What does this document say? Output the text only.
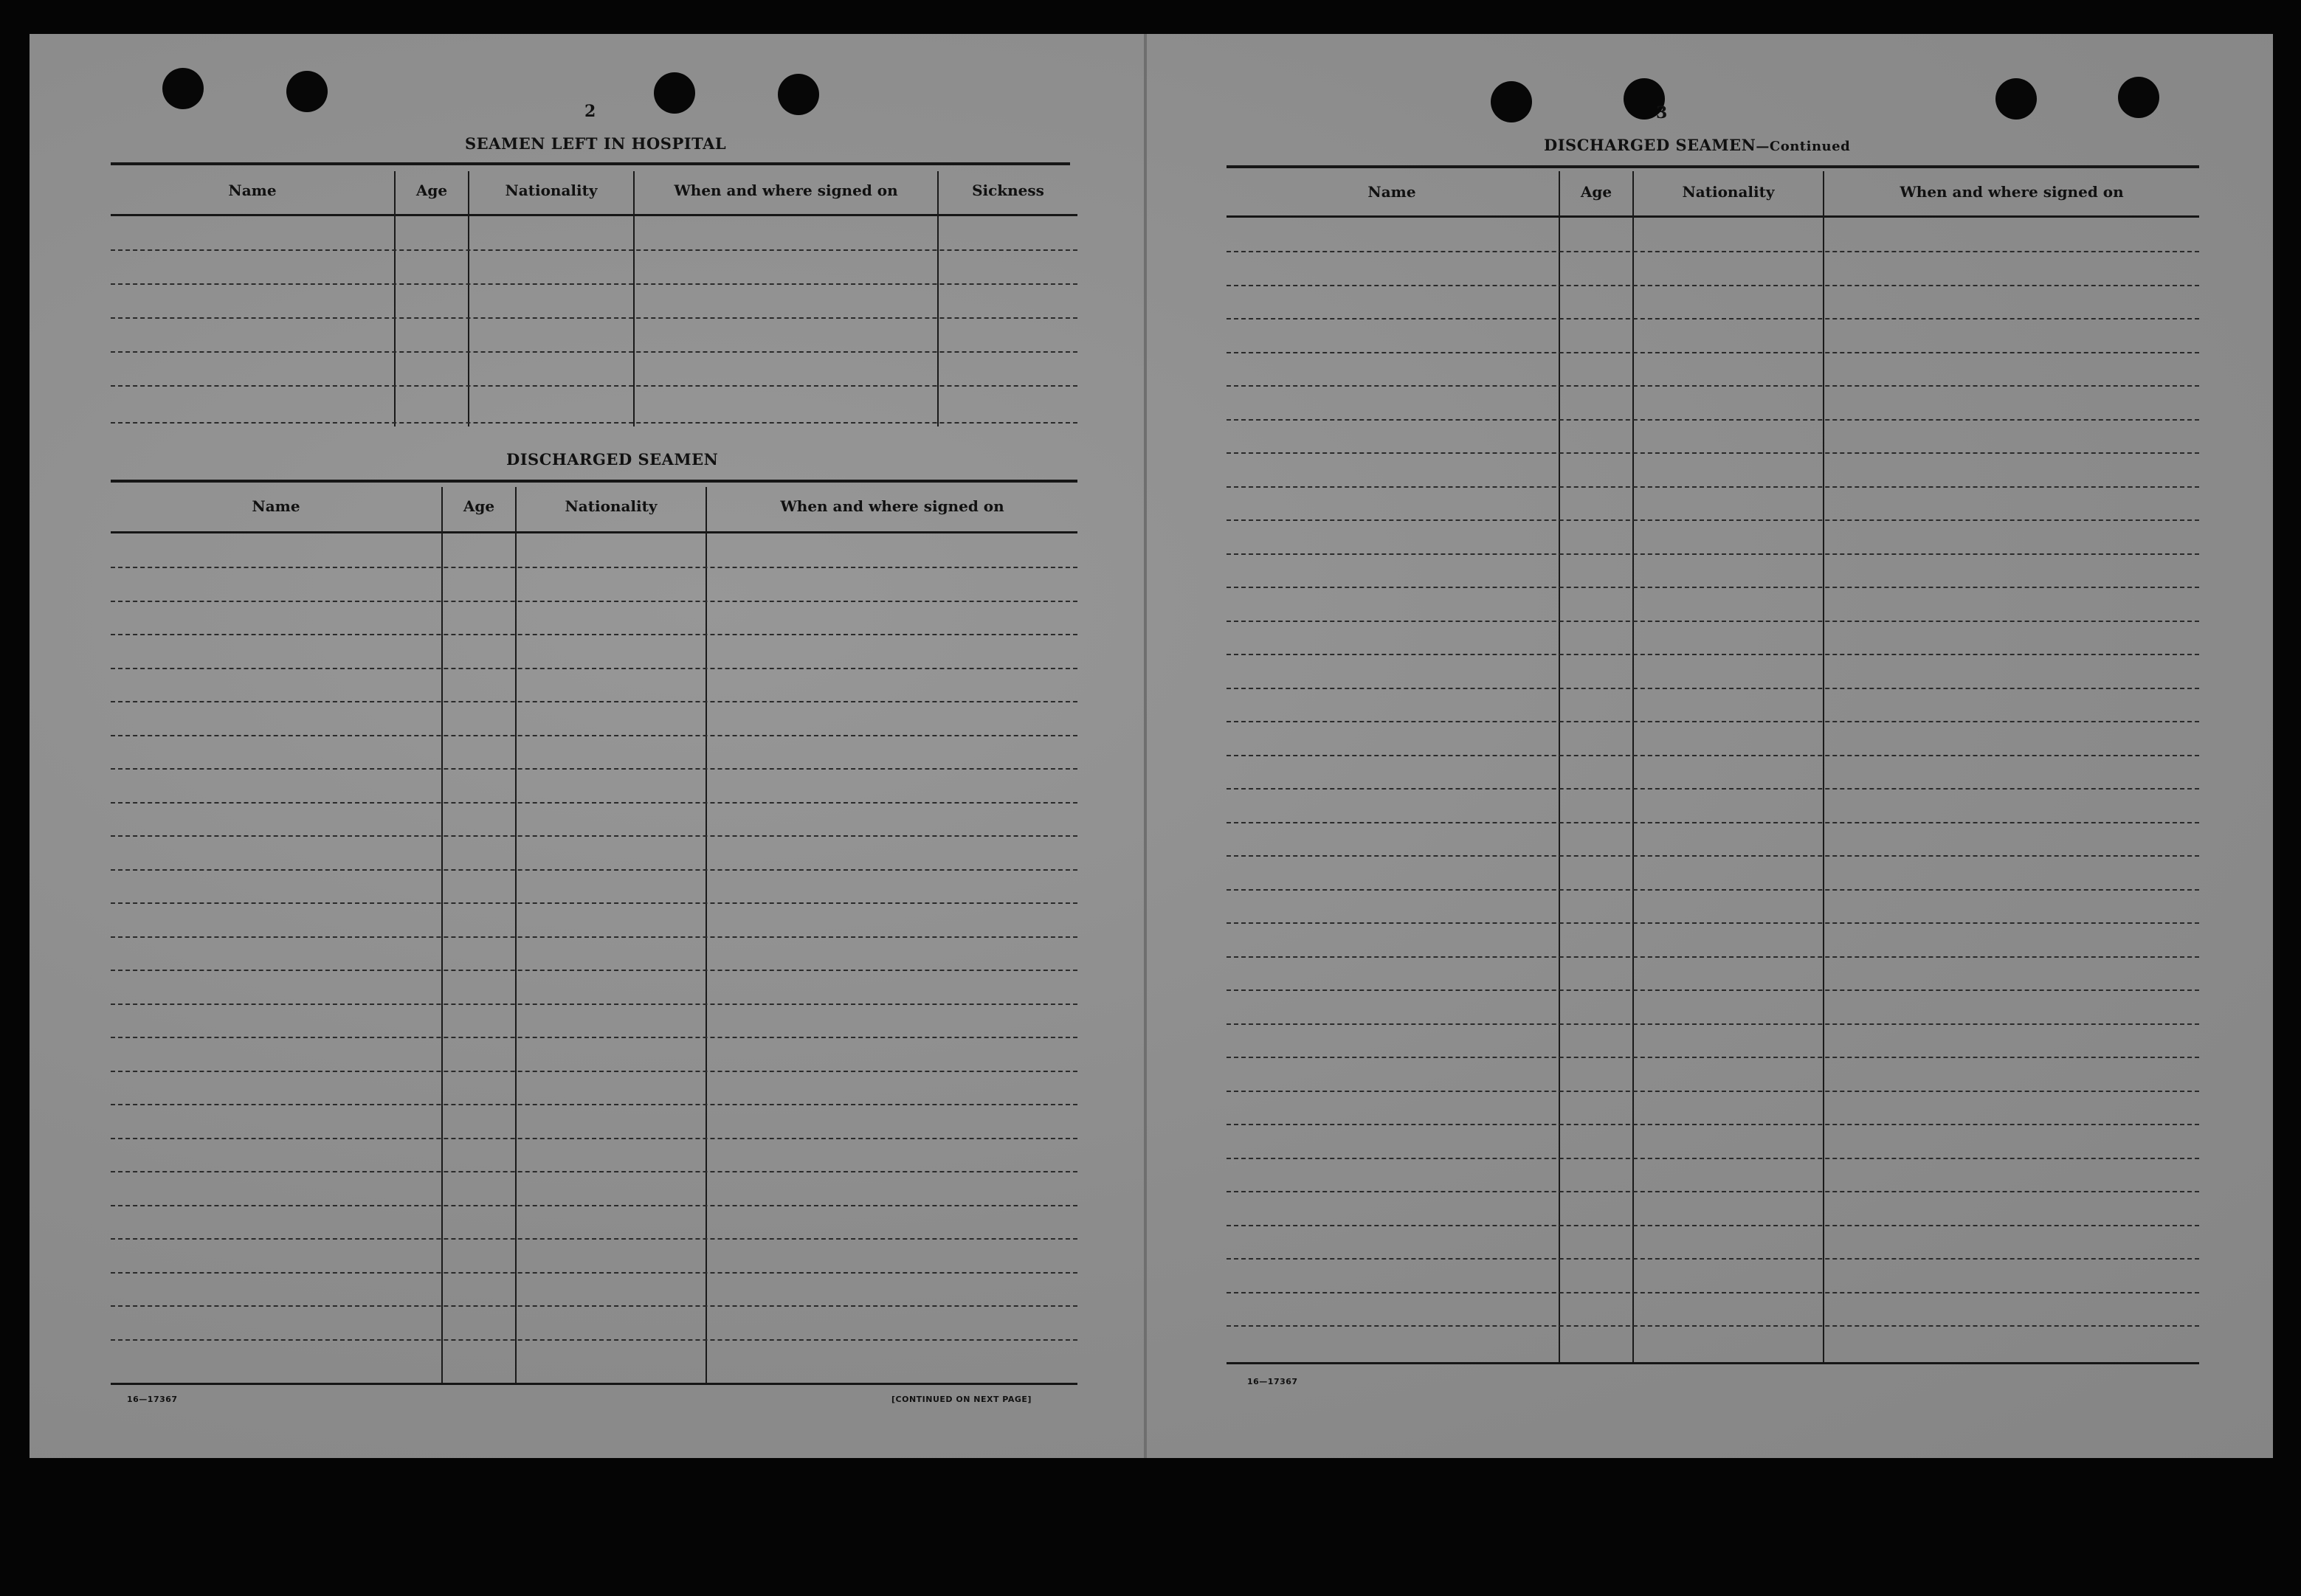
2
SEAMEN LEFT IN HOSPITAL
Name	Age	Nationality	When and where signed on	Sickness
DISCHARGED SEAMEN
Name	Age	Nationality	When and where signed on
16—17367	[CONTINUED ON NEXT PAGE]
3
DISCHARGED SEAMEN—Continued
Name	Age	Nationality	When and where signed on
16—17367
